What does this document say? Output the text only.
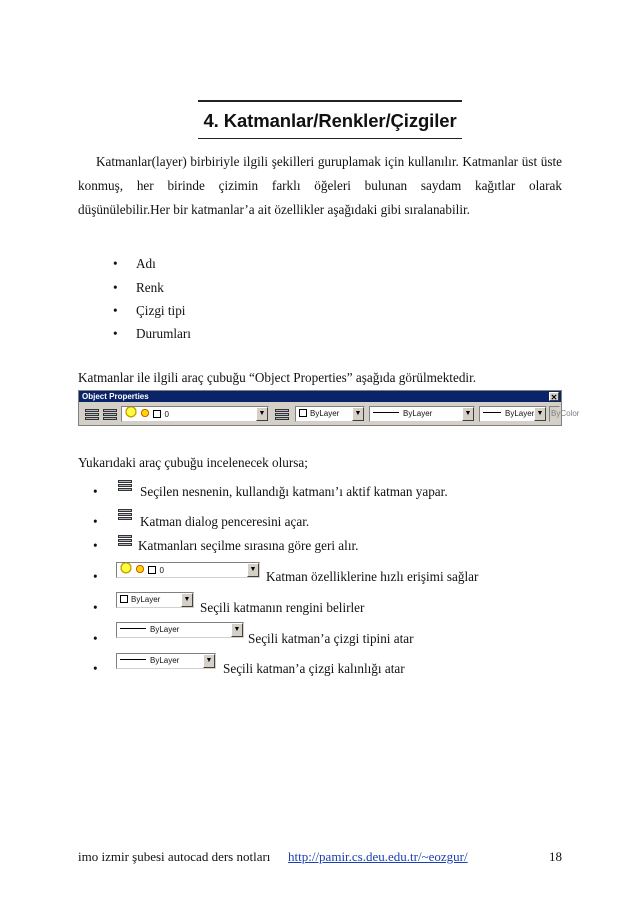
4. Katmanlar/Renkler/Çizgiler

Katmanlar(layer) birbiriyle ilgili şekilleri guruplamak için kullanılır. Katmanlar üst üste konmuş, her birinde çizimin farklı öğeleri bulunan saydam kağıtlar olarak düşünülebilir.Her bir katmanlar’a ait özellikler aşağıdaki gibi sıralanabilir.

• Adı
• Renk
• Çizgi tipi
• Durumları
Katmanlar ile ilgili araç çubuğu “Object Properties” aşağıda görülmektedir.
Object Properties	✕
0	▼	ByLayer	▼	ByLayer	▼	ByLayer ▼ ByColor
Yukarıdaki araç çubuğu incelenecek olursa;
•	Seçilen nesnenin, kullandığı katmanı’ı aktif katman yapar.
•	Katman dialog penceresini açar.
•	Katmanları seçilme sırasına göre geri alır.
•	0	▼ Katman özelliklerine hızlı erişimi sağlar
•
ByLayer	▼
Seçili katmanın rengini belirler
•
ByLayer	▼
Seçili katman’a çizgi tipini atar
•
ByLayer	▼
Seçili katman’a çizgi kalınlığı atar
imo izmir şubesi autocad ders notları http://pamir.cs.deu.edu.tr/~eozgur/	18
